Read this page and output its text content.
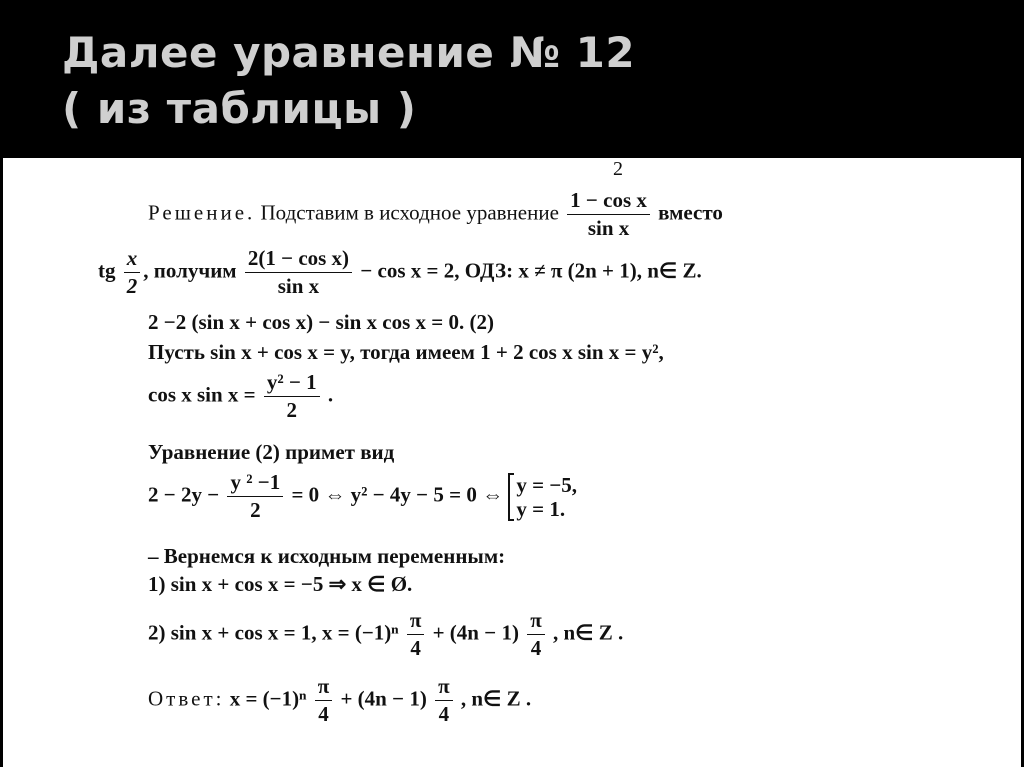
Далее уравнение № 12
( из таблицы )
2
Решение. Подставим в исходное уравнение $\frac{\text{1 − cos x}}{\text{sin x}}$ вместо
tg $\frac{x}{2}$ , получим $\frac{\text{2(1 − cos x)}}{\text{sin x}} - \cos x = 2$, ОДЗ: x ≠ π (2n + 1), n∈ Z.
2 −2 (sin x + cos x) − sin x cos x = 0. (2)
Пусть sin x + cos x = y, тогда имеем 1 + 2 cos x sin x = y²,
cos x $\sin x = \frac{\text{y² − 1}}{2}$ .
Уравнение (2) примет вид
$2 - 2y - \frac{\text{y ² −1}}{2} = 0$ ⇔ y² − 4y − 5 = 0 ⇔ y = −5,
y = 1.
– Вернемся к исходным переменным:
1) sin x + cos x = −5 ⇒ x ∈ Ø.
2) sin x + cos x = 1, $x = (-1)^n \frac{\pi}{4} + (4n - 1) \frac{\pi}{4}$ , n∈ Z .
Ответ: $x = (-1)^n \frac{\pi}{4} + (4n - 1) \frac{\pi}{4}$ , n∈ Z .
